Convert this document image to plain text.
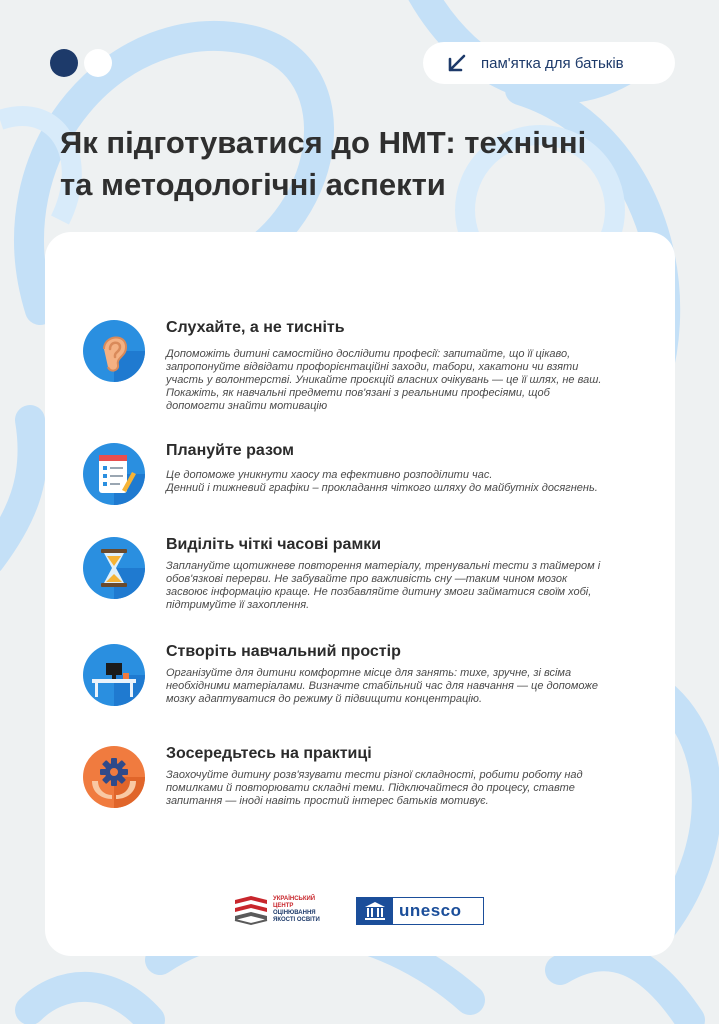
пам'ятка для батьків
Як підготуватися до НМТ: технічні
та методологічні аспекти
Слухайте, а не тисніть

Допоможіть дитині самостійно дослідити професії: запитайте, що її цікаво,
запропонуйте відвідати профорієнтаційні заходи, табори, хакатони чи взяти
участь у волонтерстві. Уникайте проєкцій власних очікувань — це її шлях, не ваш.
Покажіть, як навчальні предмети пов'язані з реальними професіями, щоб
допомогти знайти мотивацію

Плануйте разом

Це допоможе уникнути хаосу та ефективно розподілити час.
Денний і тижневий графіки – прокладання чіткого шляху до майбутніх досягнень.

Виділіть чіткі часові рамки

Заплануйте щотижневе повторення матеріалу, тренувальні тести з таймером і
обов'язкові перерви. Не забувайте про важливість сну —таким чином мозок
засвоює інформацію краще. Не позбавляйте дитину змоги займатися своїм хобі,
підтримуйте її захоплення.

Створіть навчальний простір

Організуйте для дитини комфортне місце для занять: тихе, зручне, зі всіма
необхідними матеріалами. Визначте стабільний час для навчання — це допоможе
мозку адаптуватися до режиму й підвищити концентрацію.

Зосередьтесь на практиці

Заохочуйте дитину розв'язувати тести різної складності, робити роботу над
помилками й повторювати складні теми. Підключайтеся до процесу, ставте
запитання — іноді навіть простий інтерес батьків мотивує.

УКРАЇНСЬКИЙ
ЦЕНТР
ОЦІНЮВАННЯ
ЯКОСТІ ОСВІТИ	unesco
